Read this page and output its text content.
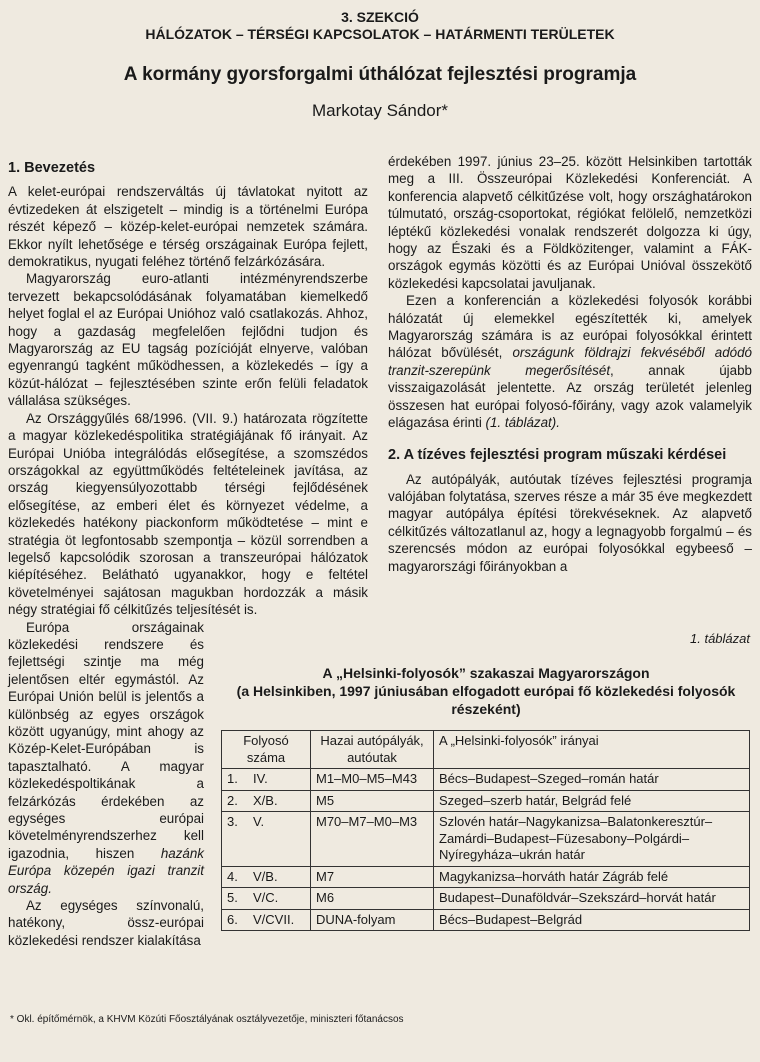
3. SZEKCIÓ
HÁLÓZATOK – TÉRSÉGI KAPCSOLATOK – HATÁRMENTI TERÜLETEK
A kormány gyorsforgalmi úthálózat fejlesztési programja
Markotay Sándor*
1. Bevezetés

A kelet-európai rendszerváltás új távlatokat nyitott az évtizedeken át elszigetelt – mindig is a történelmi Európa részét képező – közép-kelet-európai nemzetek számára. Ekkor nyílt lehetősége e térség országainak Európa fejlett, demokratikus, nyugati feléhez történő felzárkózására.

Magyarország euro-atlanti intézményrendszerbe tervezett bekapcsolódásának folyamatában kiemelkedő helyet foglal el az Európai Unióhoz való csatlakozás. Ahhoz, hogy a gazdaság megfelelően fejlődni tudjon és Magyarország az EU tagság pozícióját elnyerve, valóban egyenrangú tagként működhessen, a közlekedés – így a közút-hálózat – fejlesztésében szinte erőn felüli feladatok vállalása szükséges.

Az Országgyűlés 68/1996. (VII. 9.) határozata rögzítette a magyar közlekedéspolitika stratégiájának fő irányait. Az Európai Unióba integrálódás elősegítése, a szomszédos országokkal az együttműködés feltételeinek javítása, az ország kiegyensúlyozottabb térségi fejlődésének elősegítése, az emberi élet és környezet védelme, a közlekedés hatékony piackonform működtetése – mint e stratégia öt legfontosabb szempontja – közül sorrendben a legelső kapcsolódik szorosan a transzeurópai hálózatok kiépítéséhez. Belátható ugyanakkor, hogy e feltétel követelményei sajátosan magukban hordozzák a másik négy stratégiai fő célkitűzés teljesítését is.

Európa országainak közlekedési rendszere és fejlettségi szintje ma még jelentősen eltér egymástól. Az Európai Unión belül is jelentős a különbség az egyes országok között ugyanúgy, mint ahogy az Közép-Kelet-Európában is tapasztalható. A magyar közlekedéspoltikának a felzárkózás érdekében az egységes európai követelményrendszerhez kell igazodnia, hiszen hazánk Európa közepén igazi tranzit ország.

Az egységes színvonalú, hatékony, össz-európai közlekedési rendszer kialakítása

érdekében 1997. június 23–25. között Helsinkiben tartották meg a III. Összeurópai Közlekedési Konferenciát. A konferencia alapvető célkitűzése volt, hogy országhatárokon túlmutató, ország-csoportokat, régiókat felölelő, nemzetközi léptékű közlekedési vonalak rendszerét dolgozza ki úgy, hogy az Északi és a Földközitenger, valamint a FÁK-országok egymás közötti és az Európai Unióval összekötő közlekedési kapcsolatai javuljanak.

Ezen a konferencián a közlekedési folyosók korábbi hálózatát új elemekkel egészítették ki, amelyek Magyarország számára is az európai folyosókkal érintett hálózat bővülését, országunk földrajzi fekvéséből adódó tranzit-szerepünk megerősítését, annak újabb visszaigazolását jelentette. Az ország területét jelenleg összesen hat európai folyosó-főirány, vagy azok valamelyik elágazása érinti (1. táblázat).

2. A tízéves fejlesztési program műszaki kérdései

Az autópályák, autóutak tízéves fejlesztési programja valójában folytatása, szerves része a már 35 éve megkezdett magyar autópálya építési törekvéseknek. Az alapvető célkitűzés változatlanul az, hogy a legnagyobb forgalmú – és szerencsés módon az európai folyosókkal egybeeső – magyarországi főirányokban a

1. táblázat
A „Helsinki-folyosók” szakaszai Magyarországon
(a Helsinkiben, 1997 júniusában elfogadott európai fő közlekedési folyosók részeként)
Folyosó száma		Hazai autópályák, autóutak	A „Helsinki-folyosók” irányai
1.	IV.	M1–M0–M5–M43	Bécs–Budapest–Szeged–román határ
2.	X/B.	M5	Szeged–szerb határ, Belgrád felé
3.	V.	M70–M7–M0–M3	Szlovén határ–Nagykanizsa–Balatonkeresztúr–Zamárdi–Budapest–Füzesabony–Polgárdi–Nyíregyháza–ukrán határ
4.	V/B.	M7	Magykanizsa–horváth határ Zágráb felé
5.	V/C.	M6	Budapest–Dunaföldvár–Szekszárd–horvát határ
6.	V/CVII.	DUNA-folyam	Bécs–Budapest–Belgrád
* Okl. építőmérnök, a KHVM Közúti Főosztályának osztályvezetője, miniszteri főtanácsos
